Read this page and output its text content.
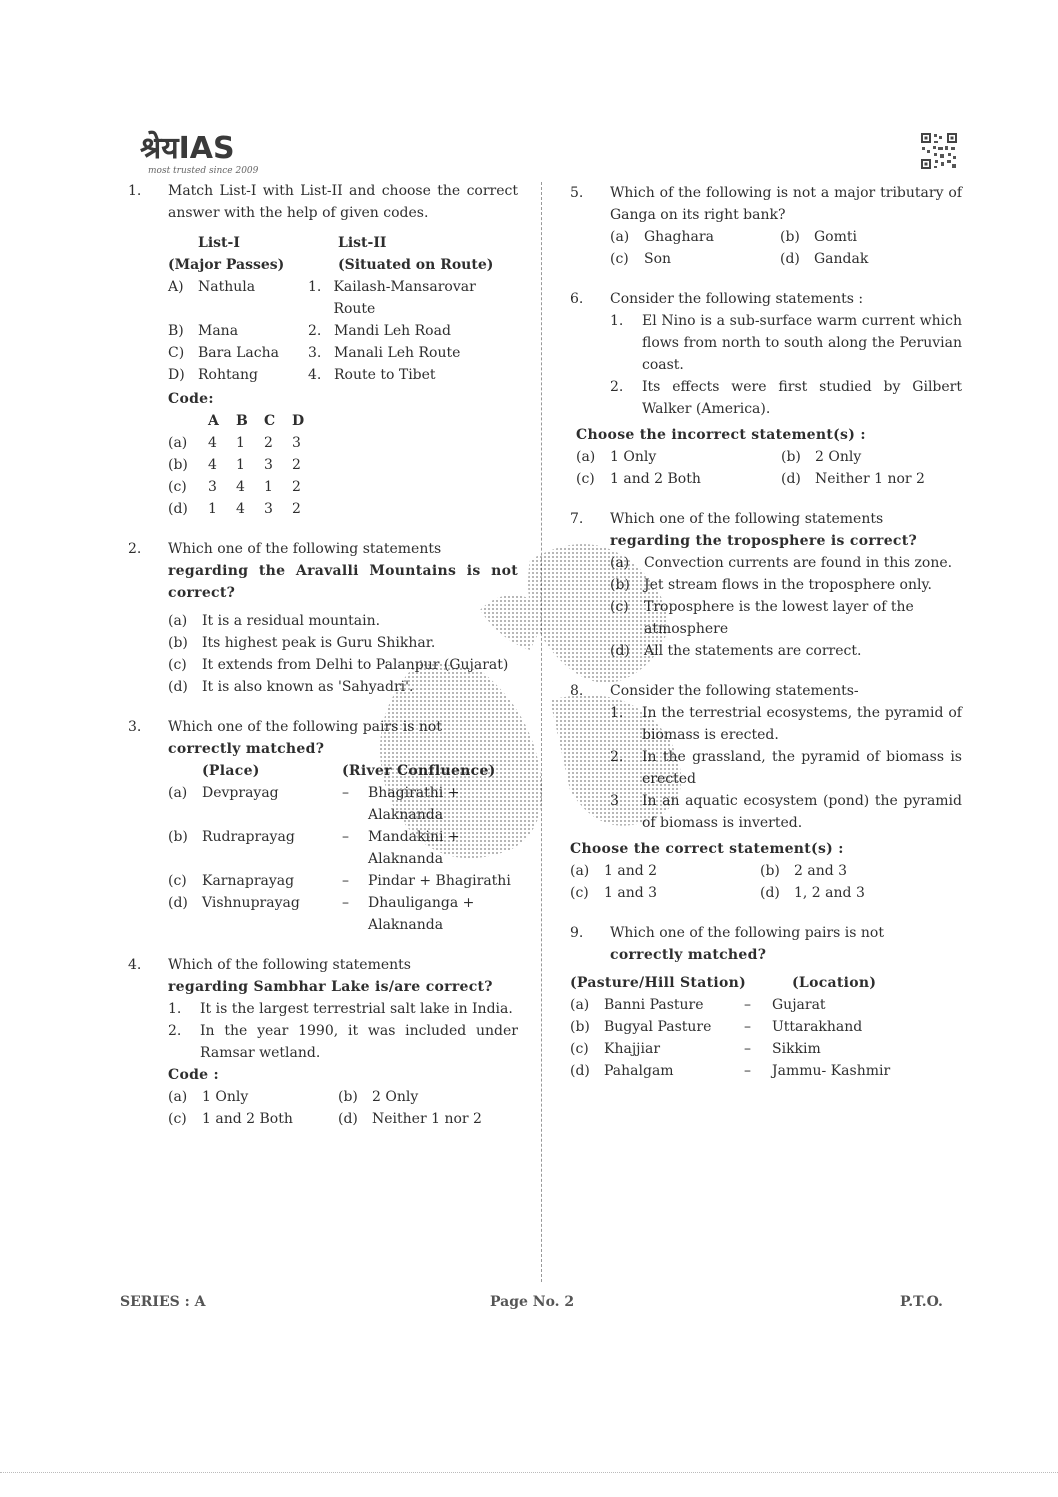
श्रेयIAS
most trusted since 2009
1.	Match List-I with List-II and choose the correct answer with the help of given codes.
List-I	List-II
(Major Passes)	(Situated on Route)
A)	Nathula	1. Kailash-Mansarovar Route
B)	Mana	2. Mandi Leh Road
C) Bara Lacha 3. Manali Leh Route
D) Rohtang	4. Route to Tibet
Code:
	A	B	C	D
(a)	4	1	2	3
(b)	4	1	3	2
(c)	3	4	1	2
(d)	1	4	3	2
2.	Which one of the following statements
regarding the Aravalli Mountains is not correct?
(a)	It is a residual mountain.
(b)	Its highest peak is Guru Shikhar.
(c)	It extends from Delhi to Palanpur (Gujarat)
(d)	It is also known as 'Sahyadri'.
3.	Which one of the following pairs is not
correctly matched?
(Place)	(River Confluence)
(a)	Devprayag	–	Bhagirathi + Alaknanda
(b)	Rudraprayag	–	Mandakini + Alaknanda
(c)	Karnaprayag	–	Pindar + Bhagirathi
(d)	Vishnuprayag	–	Dhauliganga + Alaknanda
4.	Which of the following statements
regarding Sambhar Lake is/are correct?
1.	It is the largest terrestrial salt lake in India.
2.	In the year 1990, it was included under Ramsar wetland.
Code :
(a)	1 Only	(b)	2 Only
(c)	1 and 2 Both	(d)	Neither 1 nor 2
5.	Which of the following is not a major tributary of Ganga on its right bank?
(a)	Ghaghara	(b)	Gomti
(c)	Son	(d)	Gandak
6.	Consider the following statements :
1.	El Nino is a sub-surface warm current which flows from north to south along the Peruvian coast.
2.	Its effects were first studied by Gilbert Walker (America).
Choose the incorrect statement(s) :
(a)	1 Only	(b)	2 Only
(c)	1 and 2 Both	(d)	Neither 1 nor 2
7.	Which one of the following statements
regarding the troposphere is correct?
(a)	Convection currents are found in this zone.
(b)	Jet stream flows in the troposphere only.
(c)	Troposphere is the lowest layer of the atmosphere
(d)	All the statements are correct.
8.	Consider the following statements-
1.	In the terrestrial ecosystems, the pyramid of biomass is erected.
2.	In the grassland, the pyramid of biomass is erected
3	In an aquatic ecosystem (pond) the pyramid of biomass is inverted.
Choose the correct statement(s) :
(a)	1 and 2	(b)	2 and 3
(c)	1 and 3	(d)	1, 2 and 3
9.	Which one of the following pairs is not
correctly matched?
(Pasture/Hill Station)	(Location)
(a)	Banni Pasture	–	Gujarat
(b)	Bugyal Pasture	–	Uttarakhand
(c)	Khajjiar	–	Sikkim
(d)	Pahalgam	–	Jammu- Kashmir
SERIES : A	Page No. 2	P.T.O.
